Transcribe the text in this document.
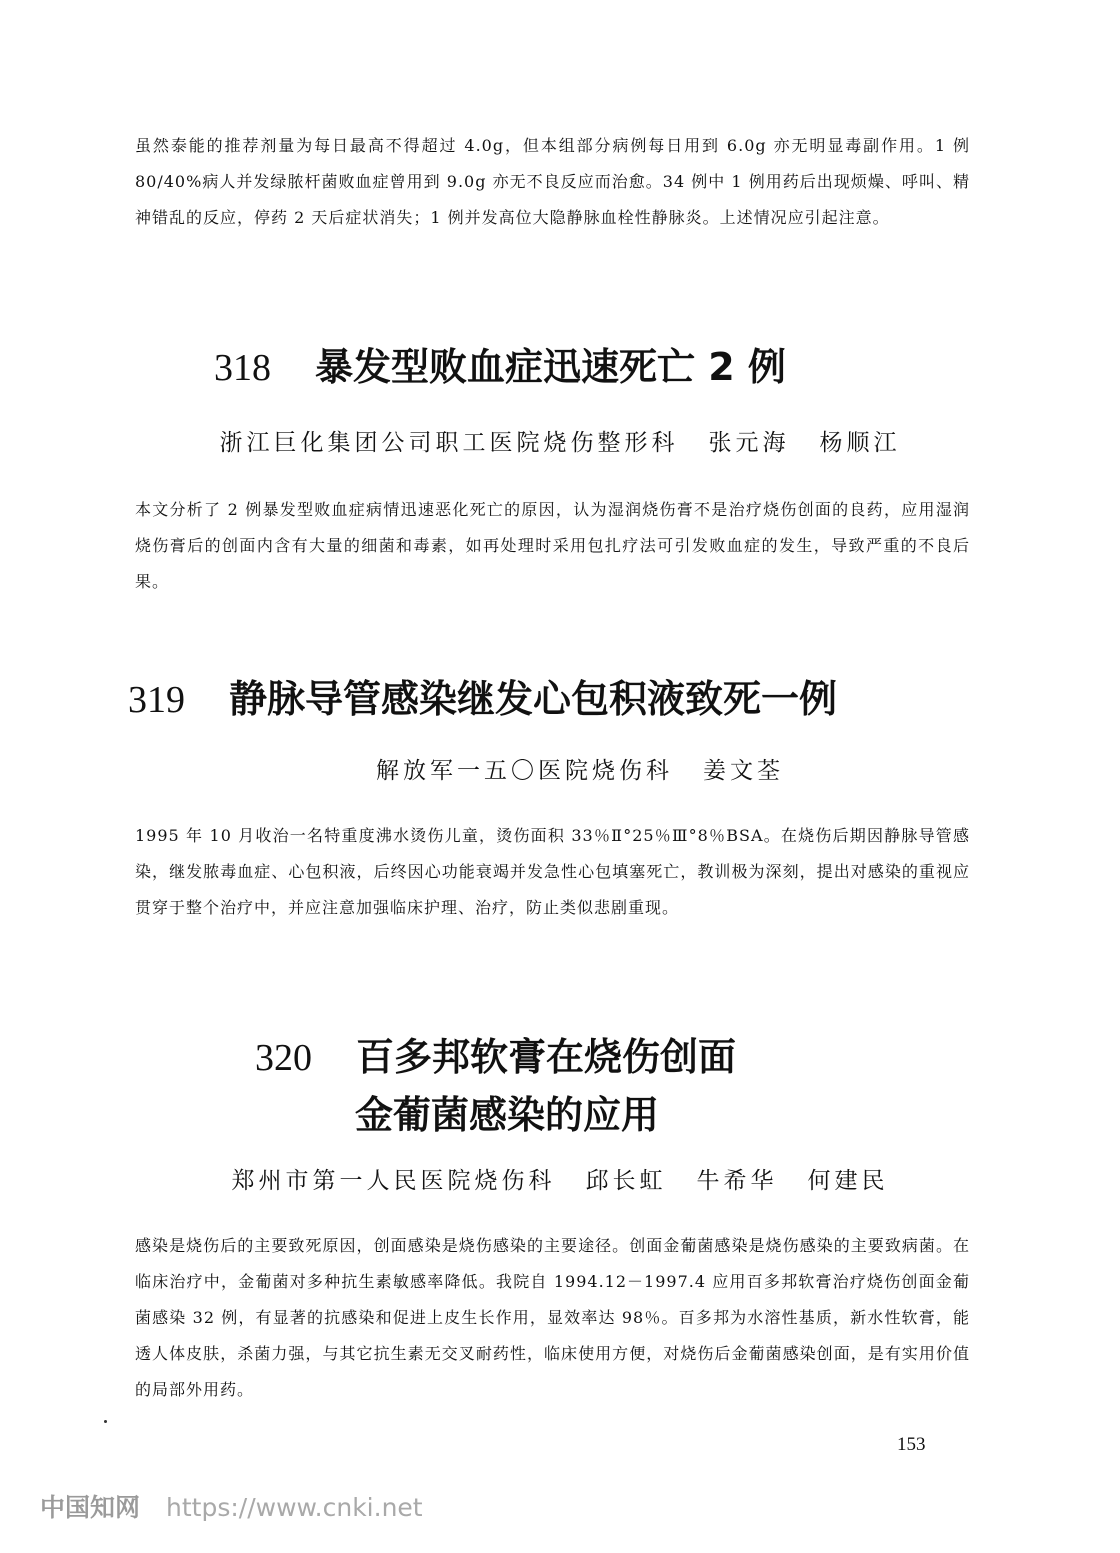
虽然泰能的推荐剂量为每日最高不得超过 4.0g，但本组部分病例每日用到 6.0g 亦无明显毒副作用。1 例 80/40%病人并发绿脓杆菌败血症曾用到 9.0g 亦无不良反应而治愈。34 例中 1 例用药后出现烦燥、呼叫、精神错乱的反应，停药 2 天后症状消失；1 例并发高位大隐静脉血栓性静脉炎。上述情况应引起注意。

318 暴发型败血症迅速死亡 2 例

浙江巨化集团公司职工医院烧伤整形科 张元海 杨顺江

本文分析了 2 例暴发型败血症病情迅速恶化死亡的原因，认为湿润烧伤膏不是治疗烧伤创面的良药，应用湿润烧伤膏后的创面内含有大量的细菌和毒素，如再处理时采用包扎疗法可引发败血症的发生，导致严重的不良后果。

319 静脉导管感染继发心包积液致死一例

解放军一五〇医院烧伤科 姜文荃

1995 年 10 月收治一名特重度沸水烫伤儿童，烫伤面积 33％Ⅱ°25％Ⅲ°8％BSA。在烧伤后期因静脉导管感染，继发脓毒血症、心包积液，后终因心功能衰竭并发急性心包填塞死亡，教训极为深刻，提出对感染的重视应贯穿于整个治疗中，并应注意加强临床护理、治疗，防止类似悲剧重现。

320 百多邦软膏在烧伤创面
金葡菌感染的应用

郑州市第一人民医院烧伤科 邱长虹 牛希华 何建民

感染是烧伤后的主要致死原因，创面感染是烧伤感染的主要途径。创面金葡菌感染是烧伤感染的主要致病菌。在临床治疗中，金葡菌对多种抗生素敏感率降低。我院自 1994.12－1997.4 应用百多邦软膏治疗烧伤创面金葡菌感染 32 例，有显著的抗感染和促进上皮生长作用，显效率达 98％。百多邦为水溶性基质，新水性软膏，能透人体皮肤，杀菌力强，与其它抗生素无交叉耐药性，临床使用方便，对烧伤后金葡菌感染创面，是有实用价值的局部外用药。

153
中国知网 https://www.cnki.net
